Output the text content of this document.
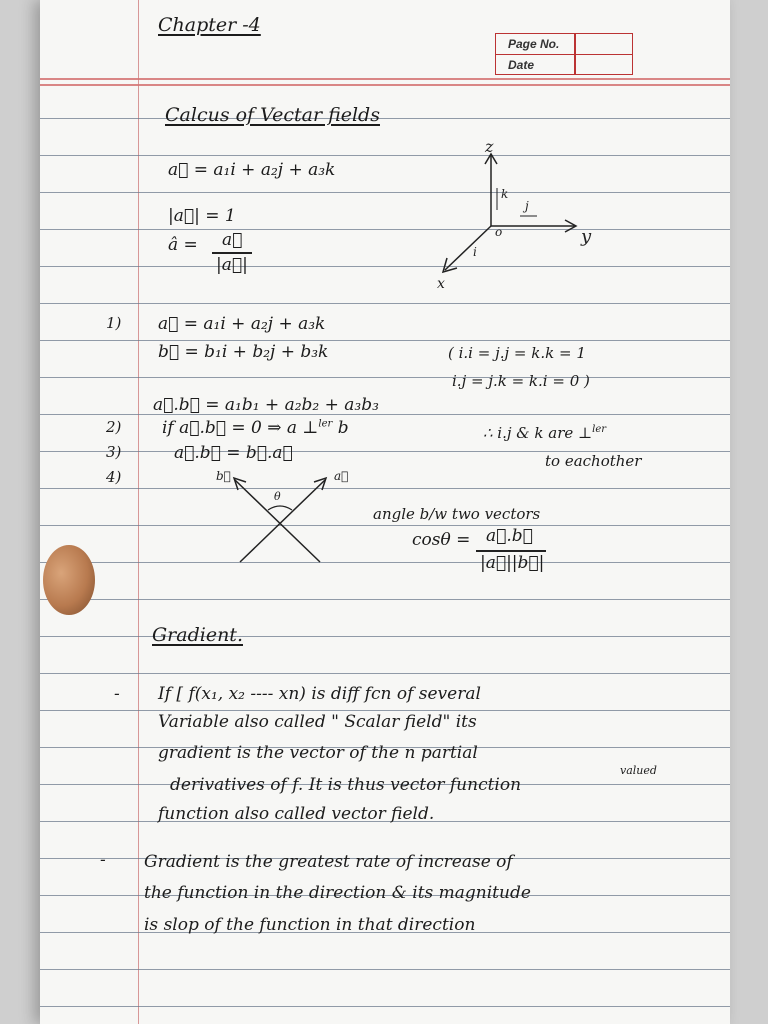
Chapter -4
Page No.
Date
Calcus of Vectar fields
a⃗ = a₁i + a₂j + a₃k
|a⃗| = 1
â = a⃗
|a⃗|
z
y
x
k
j
i
o
1) a⃗ = a₁i + a₂j + a₃k
b⃗ = b₁i + b₂j + b₃k	( i.i = j.j = k.k = 1
i.j = j.k = k.i = 0 )
a⃗.b⃗ = a₁b₁ + a₂b₂ + a₃b₃
2) if a⃗.b⃗ = 0 ⇒ a ⊥$^{ler}$ b
3)	a⃗.b⃗ = b⃗.a⃗
4)
∴ i.j & k are ⊥$^{ler}$
to eachother
b⃗	a⃗
θ
angle b/w two vectors
cosθ = a⃗.b⃗
|a⃗||b⃗|
Gradient.
- If [ f(x₁, x₂ ---- xn) is diff fcn of several
Variable also called " Scalar field" its
gradient is the vector of the n partial
valued
derivatives of f. It is thus vector function
function also called vector field.
- Gradient is the greatest rate of increase of
the function in the direction & its magnitude
is slop of the function in that direction
